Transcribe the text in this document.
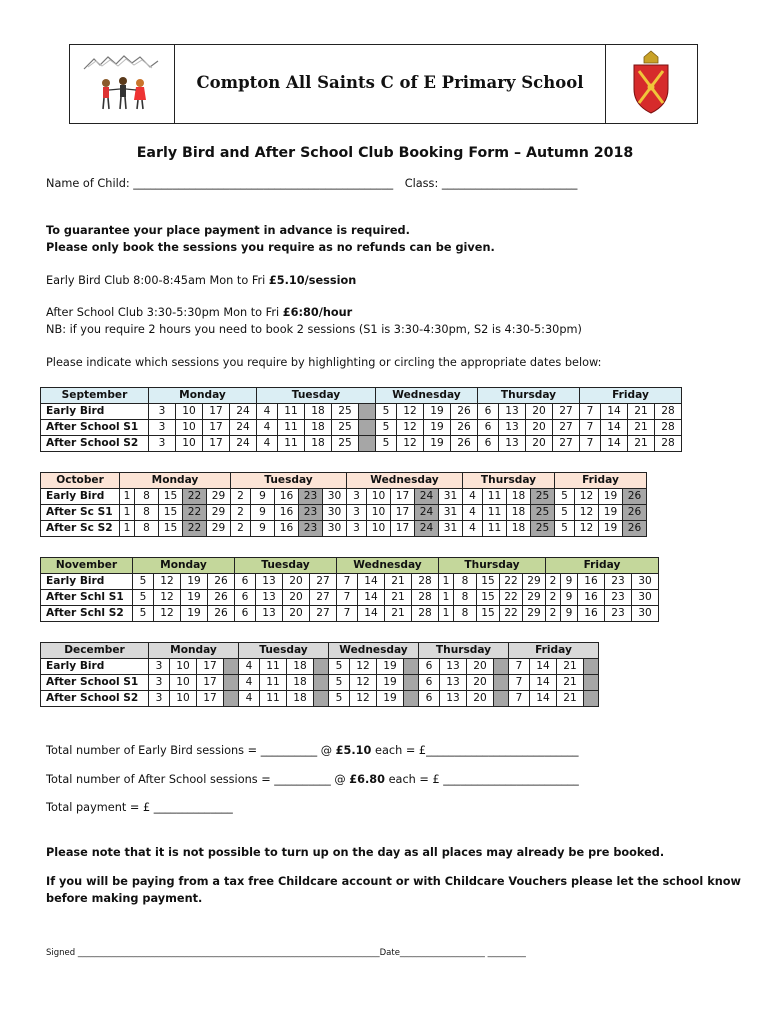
Compton All Saints C of E Primary School
Early Bird and After School Club Booking Form – Autumn 2018
Name of Child: ______________________________________________ Class: ________________________
To guarantee your place payment in advance is required.
Please only book the sessions you require as no refunds can be given.
Early Bird Club 8:00-8:45am Mon to Fri £5.10/session
After School Club 3:30-5:30pm Mon to Fri £6:80/hour
NB: if you require 2 hours you need to book 2 sessions (S1 is 3:30-4:30pm, S2 is 4:30-5:30pm)
Please indicate which sessions you require by highlighting or circling the appropriate dates below:
September	Monday				Tuesday					Wednesday				Thursday				Friday			
Early Bird	3	10	17	24	4	11	18	25		5	12	19	26	6	13	20	27	7	14	21	28
After School S1	3	10	17	24	4	11	18	25		5	12	19	26	6	13	20	27	7	14	21	28
After School S2	3	10	17	24	4	11	18	25		5	12	19	26	6	13	20	27	7	14	21	28
October	Monday					Tuesday					Wednesday					Thursday				Friday			
Early Bird	1	8	15	22	29	2	9	16	23	30	3	10	17	24	31	4	11	18	25	5	12	19	26
After Sc S1	1	8	15	22	29	2	9	16	23	30	3	10	17	24	31	4	11	18	25	5	12	19	26
After Sc S2	1	8	15	22	29	2	9	16	23	30	3	10	17	24	31	4	11	18	25	5	12	19	26
November	Monday				Tuesday				Wednesday				Thursday					Friday				
Early Bird	5	12	19	26	6	13	20	27	7	14	21	28	1	8	15	22	29	2	9	16	23	30
After Schl S1	5	12	19	26	6	13	20	27	7	14	21	28	1	8	15	22	29	2	9	16	23	30
After Schl S2	5	12	19	26	6	13	20	27	7	14	21	28	1	8	15	22	29	2	9	16	23	30
December	Monday				Tuesday				Wednesday				Thursday				Friday			
Early Bird	3	10	17		4	11	18		5	12	19		6	13	20		7	14	21	
After School S1	3	10	17		4	11	18		5	12	19		6	13	20		7	14	21	
After School S2	3	10	17		4	11	18		5	12	19		6	13	20		7	14	21	
Total number of Early Bird sessions = __________ @ £5.10 each = £___________________________
Total number of After School sessions = __________ @ £6.80 each = £ ________________________
Total payment = £ ______________
Please note that it is not possible to turn up on the day as all places may already be pre booked.
If you will be paying from a tax free Childcare account or with Childcare Vouchers please let the school know
before making payment.
Signed _______________________________________________________________________Date____________________ _________
